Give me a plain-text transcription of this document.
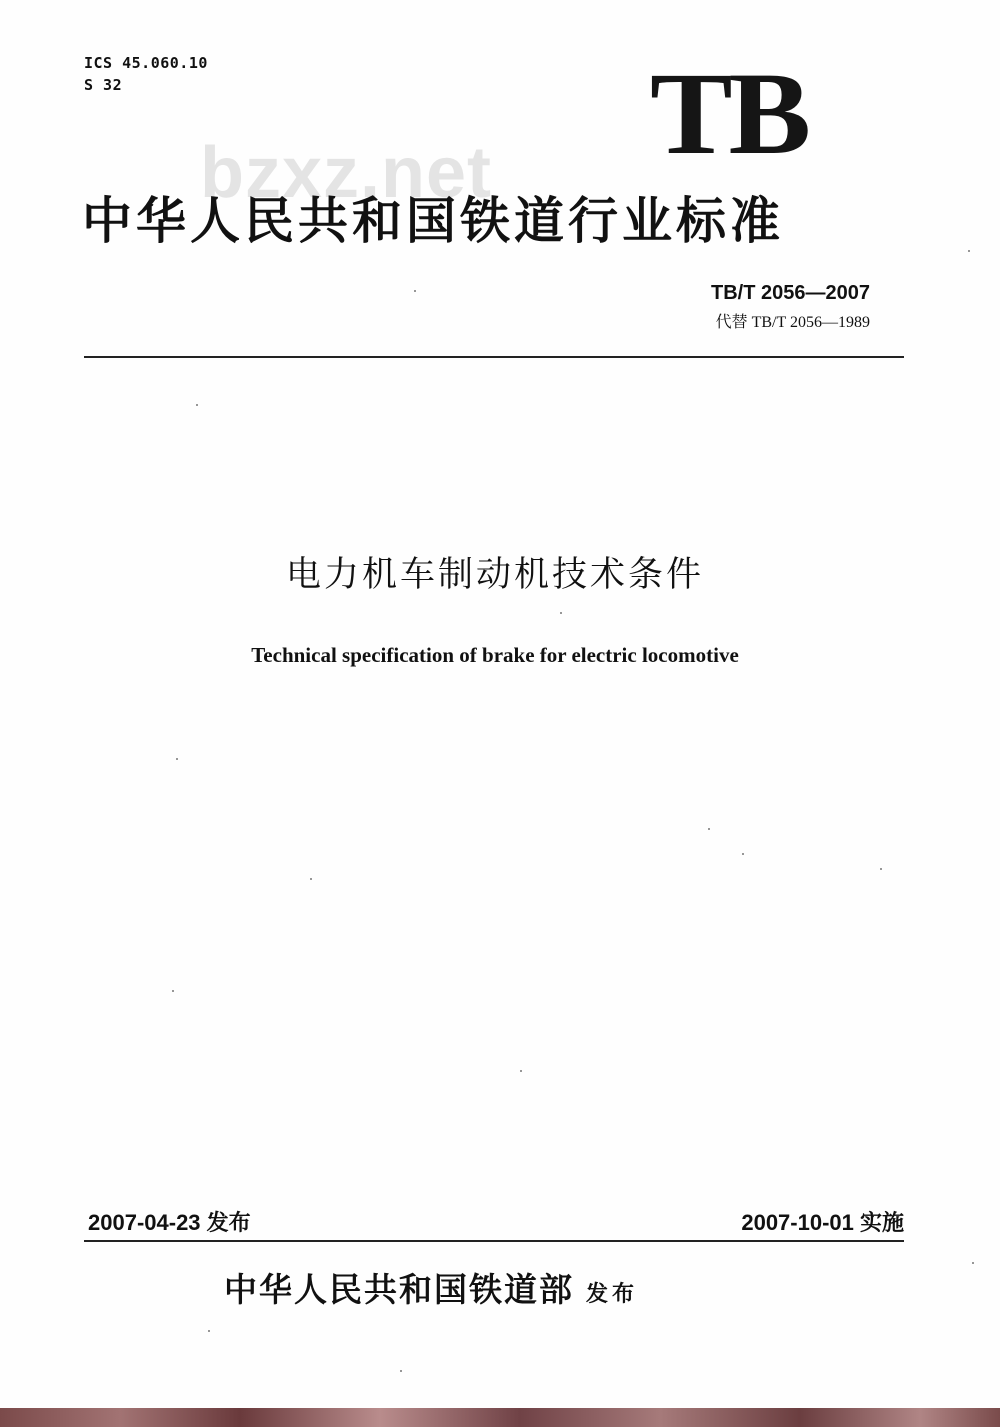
ICS 45.060.10
S 32	TB
bzxz.net
中华人民共和国铁道行业标准
TB/T 2056—2007
代替 TB/T 2056—1989
电力机车制动机技术条件
Technical specification of brake for electric locomotive
2007-04-23 发布	2007-10-01 实施
中华人民共和国铁道部 发布
